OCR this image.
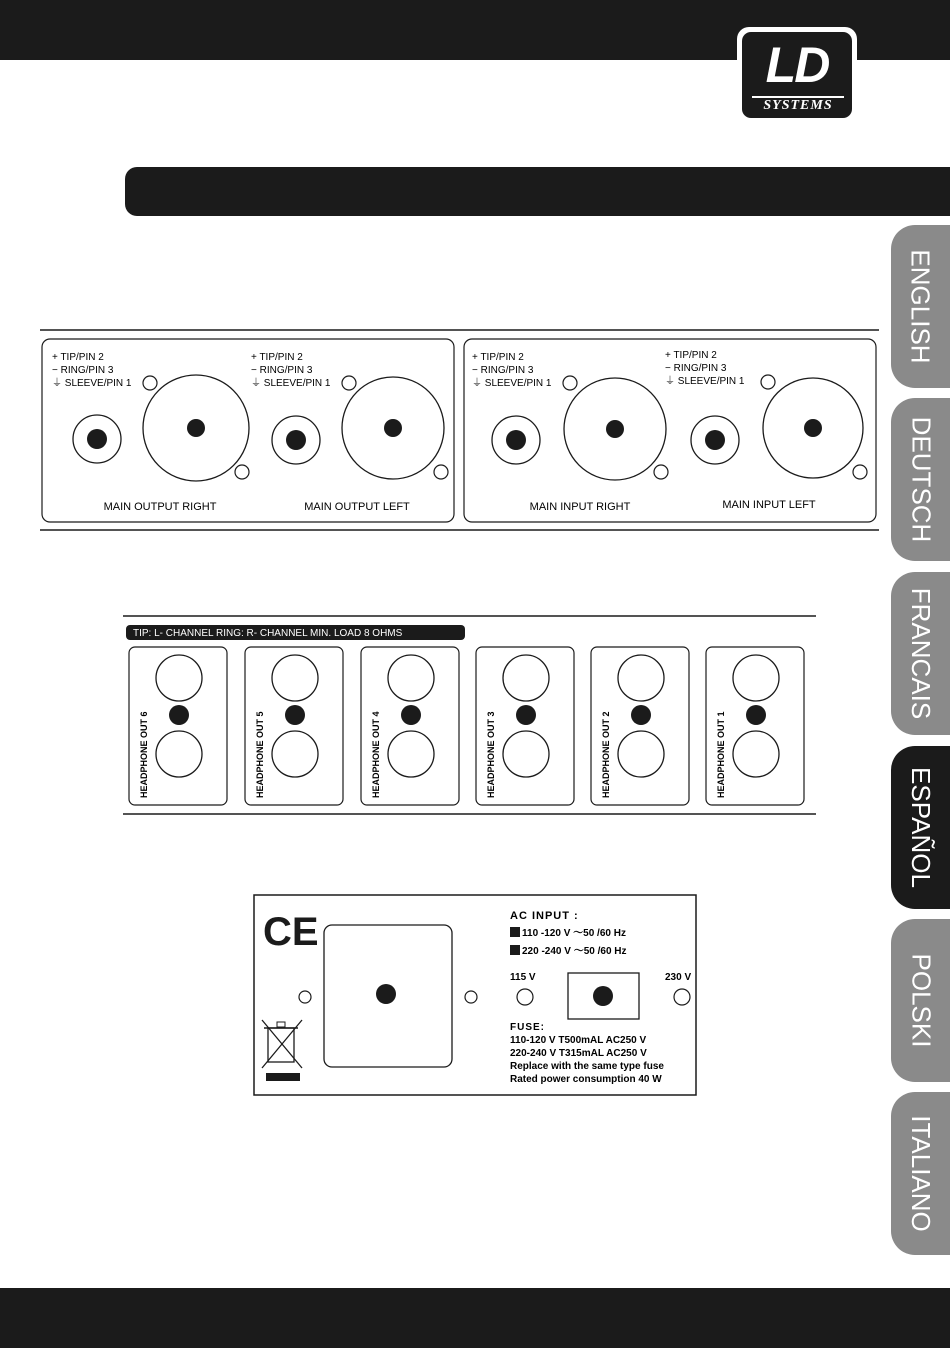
LD
SYSTEMS
ENGLISH
DEUTSCH
FRANCAIS
ESPAÑOL
POLSKI
ITALIANO
+ TIP/PIN 2
− RING/PIN 3
⏚ SLEEVE/PIN 1
MAIN OUTPUT RIGHT
+ TIP/PIN 2
− RING/PIN 3
⏚ SLEEVE/PIN 1
MAIN OUTPUT LEFT
+ TIP/PIN 2
− RING/PIN 3
⏚ SLEEVE/PIN 1
MAIN INPUT RIGHT
+ TIP/PIN 2
− RING/PIN 3
⏚ SLEEVE/PIN 1
MAIN INPUT LEFT
TIP: L- CHANNEL RING: R- CHANNEL MIN. LOAD 8 OHMS
HEADPHONE OUT 6	HEADPHONE OUT 5	HEADPHONE OUT 4	HEADPHONE OUT 3	HEADPHONE OUT 2	HEADPHONE OUT 1
CE	AC INPUT :
110 -120 V ～50 /60 Hz
220 -240 V ～50 /60 Hz
115 V	230 V
FUSE:
110-120 V T500mAL AC250 V
220-240 V T315mAL AC250 V
Replace with the same type fuse
Rated power consumption 40 W
